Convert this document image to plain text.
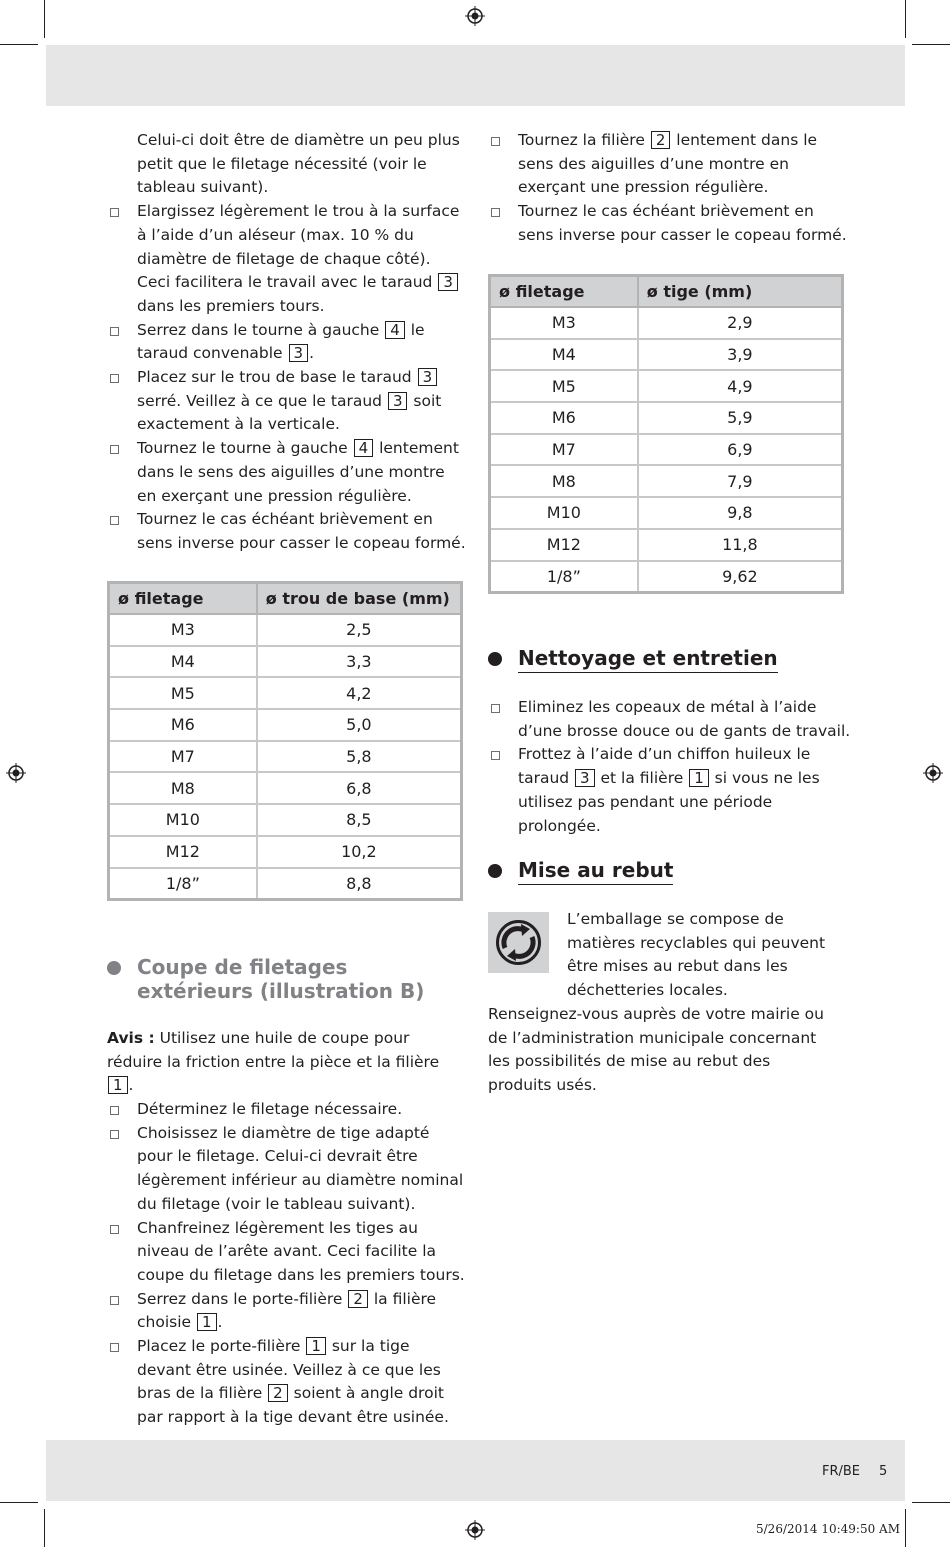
Celui-ci doit être de diamètre un peu plus petit que le filetage nécessité (voir le tableau suivant).
Elargissez légèrement le trou à la surface à l’aide d’un aléseur (max. 10 % du diamètre de filetage de chaque côté). Ceci facilitera le travail avec le taraud 3 dans les premiers tours.
Serrez dans le tourne à gauche 4 le taraud convenable 3 .
Placez sur le trou de base le taraud 3 serré. Veillez à ce que le taraud 3 soit exactement à la verticale.
Tournez le tourne à gauche 4 lentement dans le sens des aiguilles d’une montre en exerçant une pression régulière.
Tournez le cas échéant brièvement en sens inverse pour casser le copeau formé.
ø filetage	ø trou de base (mm)
M3	2,5
M4	3,3
M5	4,2
M6	5,0
M7	5,8
M8	6,8
M10	8,5
M12	10,2
1/8”	8,8
Coupe de filetages
extérieurs (illustration B)
Avis : Utilisez une huile de coupe pour réduire la friction entre la pièce et la filière 1 .
Déterminez le filetage nécessaire.
Choisissez le diamètre de tige adapté pour le filetage. Celui-ci devrait être légèrement inférieur au diamètre nominal du filetage (voir le tableau suivant).
Chanfreinez légèrement les tiges au niveau de l’arête avant. Ceci facilite la coupe du filetage dans les premiers tours.
Serrez dans le porte-filière 2 la filière choisie 1 .
Placez le porte-filière 1 sur la tige devant être usinée. Veillez à ce que les bras de la filière 2 soient à angle droit par rapport à la tige devant être usinée.
Tournez la filière 2 lentement dans le sens des aiguilles d’une montre en exerçant une pression régulière.
Tournez le cas échéant brièvement en sens inverse pour casser le copeau formé.
ø filetage	ø tige (mm)
M3	2,9
M4	3,9
M5	4,9
M6	5,9
M7	6,9
M8	7,9
M10	9,8
M12	11,8
1/8”	9,62
Nettoyage et entretien
Eliminez les copeaux de métal à l’aide d’une brosse douce ou de gants de travail.
Frottez à l’aide d’un chiffon huileux le taraud 3 et la filière 1 si vous ne les utilisez pas pendant une période prolongée.
Mise au rebut
L’emballage se compose de matières recyclables qui peuvent être mises au rebut dans les déchetteries locales.
Renseignez-vous auprès de votre mairie ou de l’administration municipale concernant les possibilités de mise au rebut des produits usés.
FR/BE 5
5/26/2014 10:49:50 AM
